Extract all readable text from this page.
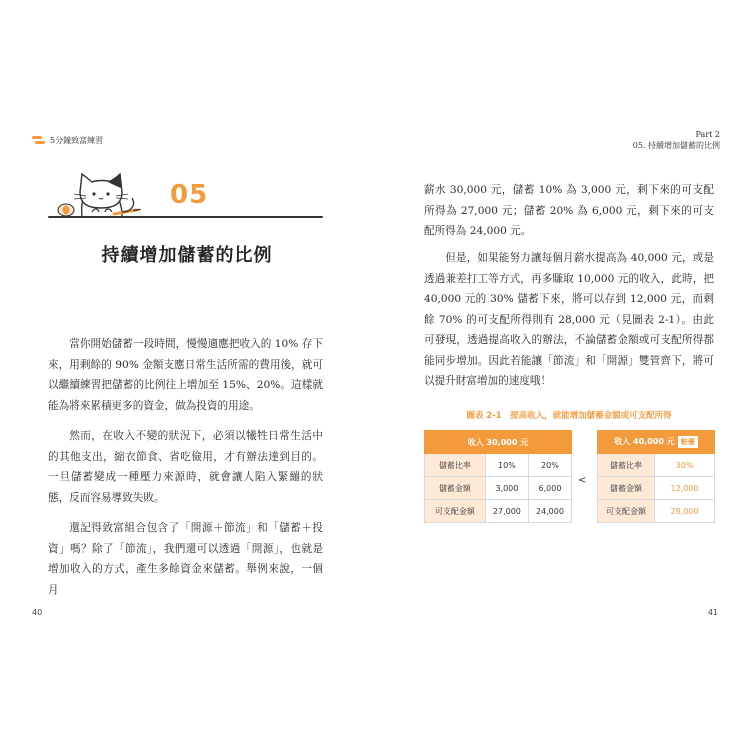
5分鐘致富練習
Part 2
05. 持續增加儲蓄的比例
05
持續增加儲蓄的比例
當你開始儲蓄一段時間，慢慢適應把收入的 10% 存下來，用剩餘的 90% 金額支應日常生活所需的費用後，就可以繼續練習把儲蓄的比例往上增加至 15%、20%。這樣就能為將來累積更多的資金，做為投資的用途。
然而，在收入不變的狀況下，必須以犧牲日常生活中的其他支出，縮衣節食、省吃儉用，才有辦法達到目的。一旦儲蓄變成一種壓力來源時，就會讓人陷入緊繃的狀態，反而容易導致失敗。
還記得致富組合包含了「開源＋節流」和「儲蓄＋投資」嗎？除了「節流」，我們還可以透過「開源」，也就是增加收入的方式，產生多餘資金來儲蓄。舉例來說，一個月
40
薪水 30,000 元，儲蓄 10% 為 3,000 元，剩下來的可支配所得為 27,000 元；儲蓄 20% 為 6,000 元，剩下來的可支配所得為 24,000 元。
但是，如果能努力讓每個月薪水提高為 40,000 元，或是透過兼差打工等方式，再多賺取 10,000 元的收入，此時，把 40,000 元的 30% 儲蓄下來，將可以存到 12,000 元，而剩餘 70% 的可支配所得則有 28,000 元（見圖表 2-1）。由此可發現，透過提高收入的辦法，不論儲蓄金額或可支配所得都能同步增加。因此若能讓「節流」和「開源」雙管齊下，將可以提升財富增加的速度哦！
圖表 2-1　提高收入，就能增加儲蓄金額或可支配所得
收入 30,000 元		
儲蓄比率	10%	20%
儲蓄金額	3,000	6,000
可支配金額	27,000	24,000
<
收入 40,000 元 較優	
儲蓄比率	30%
儲蓄金額	12,000
可支配金額	28,000
41
